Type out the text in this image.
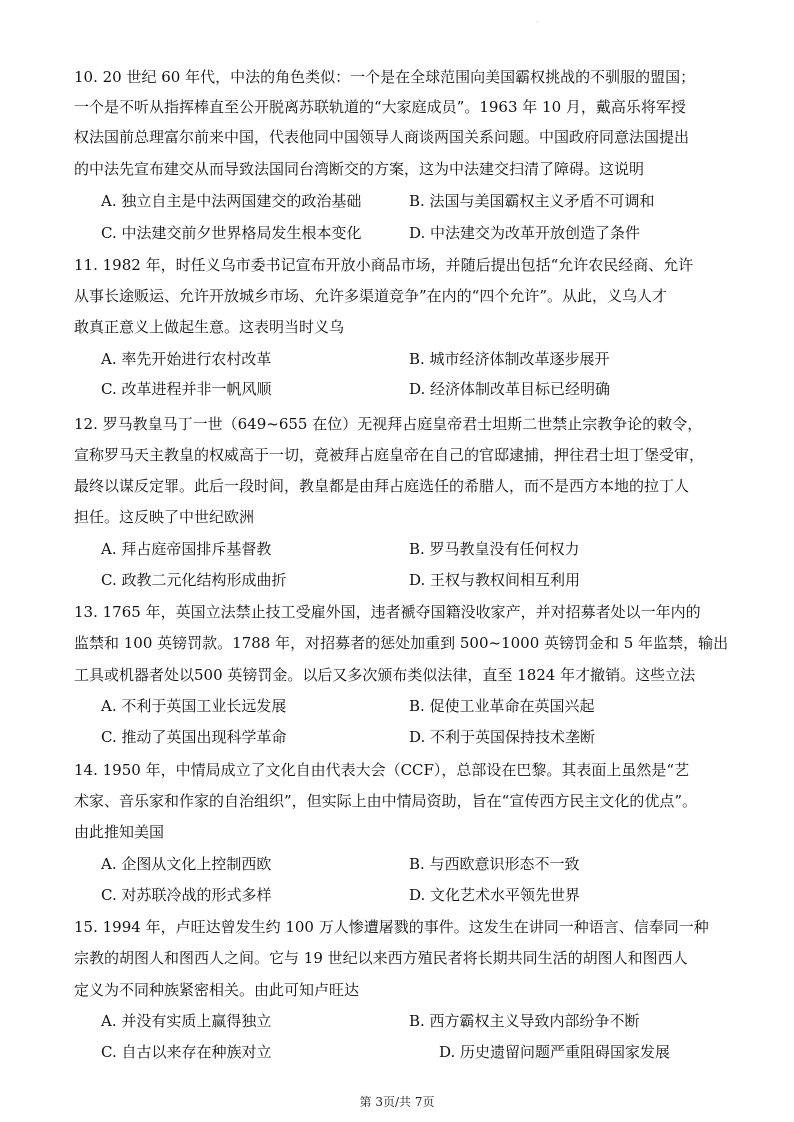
·
10. 20 世纪 60 年代，中法的角色类似：一个是在全球范围向美国霸权挑战的不驯服的盟国；
一个是不听从指挥棒直至公开脱离苏联轨道的“大家庭成员”。1963 年 10 月，戴高乐将军授
权法国前总理富尔前来中国，代表他同中国领导人商谈两国关系问题。中国政府同意法国提出
的中法先宣布建交从而导致法国同台湾断交的方案，这为中法建交扫清了障碍。这说明
A. 独立自主是中法两国建交的政治基础	B. 法国与美国霸权主义矛盾不可调和
C. 中法建交前夕世界格局发生根本变化	D. 中法建交为改革开放创造了条件
11. 1982 年，时任义乌市委书记宣布开放小商品市场，并随后提出包括“允许农民经商、允许
从事长途贩运、允许开放城乡市场、允许多渠道竞争”在内的“四个允许”。从此，义乌人才
敢真正意义上做起生意。这表明当时义乌
A. 率先开始进行农村改革	B. 城市经济体制改革逐步展开
C. 改革进程并非一帆风顺	D. 经济体制改革目标已经明确
12. 罗马教皇马丁一世（649~655 在位）无视拜占庭皇帝君士坦斯二世禁止宗教争论的敕令，
宣称罗马天主教皇的权威高于一切，竟被拜占庭皇帝在自己的官邸逮捕，押往君士坦丁堡受审，
最终以谋反定罪。此后一段时间，教皇都是由拜占庭选任的希腊人，而不是西方本地的拉丁人
担任。这反映了中世纪欧洲
A. 拜占庭帝国排斥基督教	B. 罗马教皇没有任何权力
C. 政教二元化结构形成曲折	D. 王权与教权间相互利用
13. 1765 年，英国立法禁止技工受雇外国，违者褫夺国籍没收家产，并对招募者处以一年内的
监禁和 100 英镑罚款。1788 年，对招募者的惩处加重到 500~1000 英镑罚金和 5 年监禁，输出
工具或机器者处以500 英镑罚金。以后又多次颁布类似法律，直至 1824 年才撤销。这些立法
A. 不利于英国工业长远发展	B. 促使工业革命在英国兴起
C. 推动了英国出现科学革命	D. 不利于英国保持技术垄断
14. 1950 年，中情局成立了文化自由代表大会（CCF），总部设在巴黎。其表面上虽然是“艺
术家、音乐家和作家的自治组织”，但实际上由中情局资助，旨在“宣传西方民主文化的优点”。
由此推知美国
A. 企图从文化上控制西欧	B. 与西欧意识形态不一致
C. 对苏联冷战的形式多样	D. 文化艺术水平领先世界
15. 1994 年，卢旺达曾发生约 100 万人惨遭屠戮的事件。这发生在讲同一种语言、信奉同一种
宗教的胡图人和图西人之间。它与 19 世纪以来西方殖民者将长期共同生活的胡图人和图西人
定义为不同种族紧密相关。由此可知卢旺达
A. 并没有实质上赢得独立	B. 西方霸权主义导致内部纷争不断
C. 自古以来存在种族对立	D. 历史遗留问题严重阻碍国家发展
第 3页/共 7页
